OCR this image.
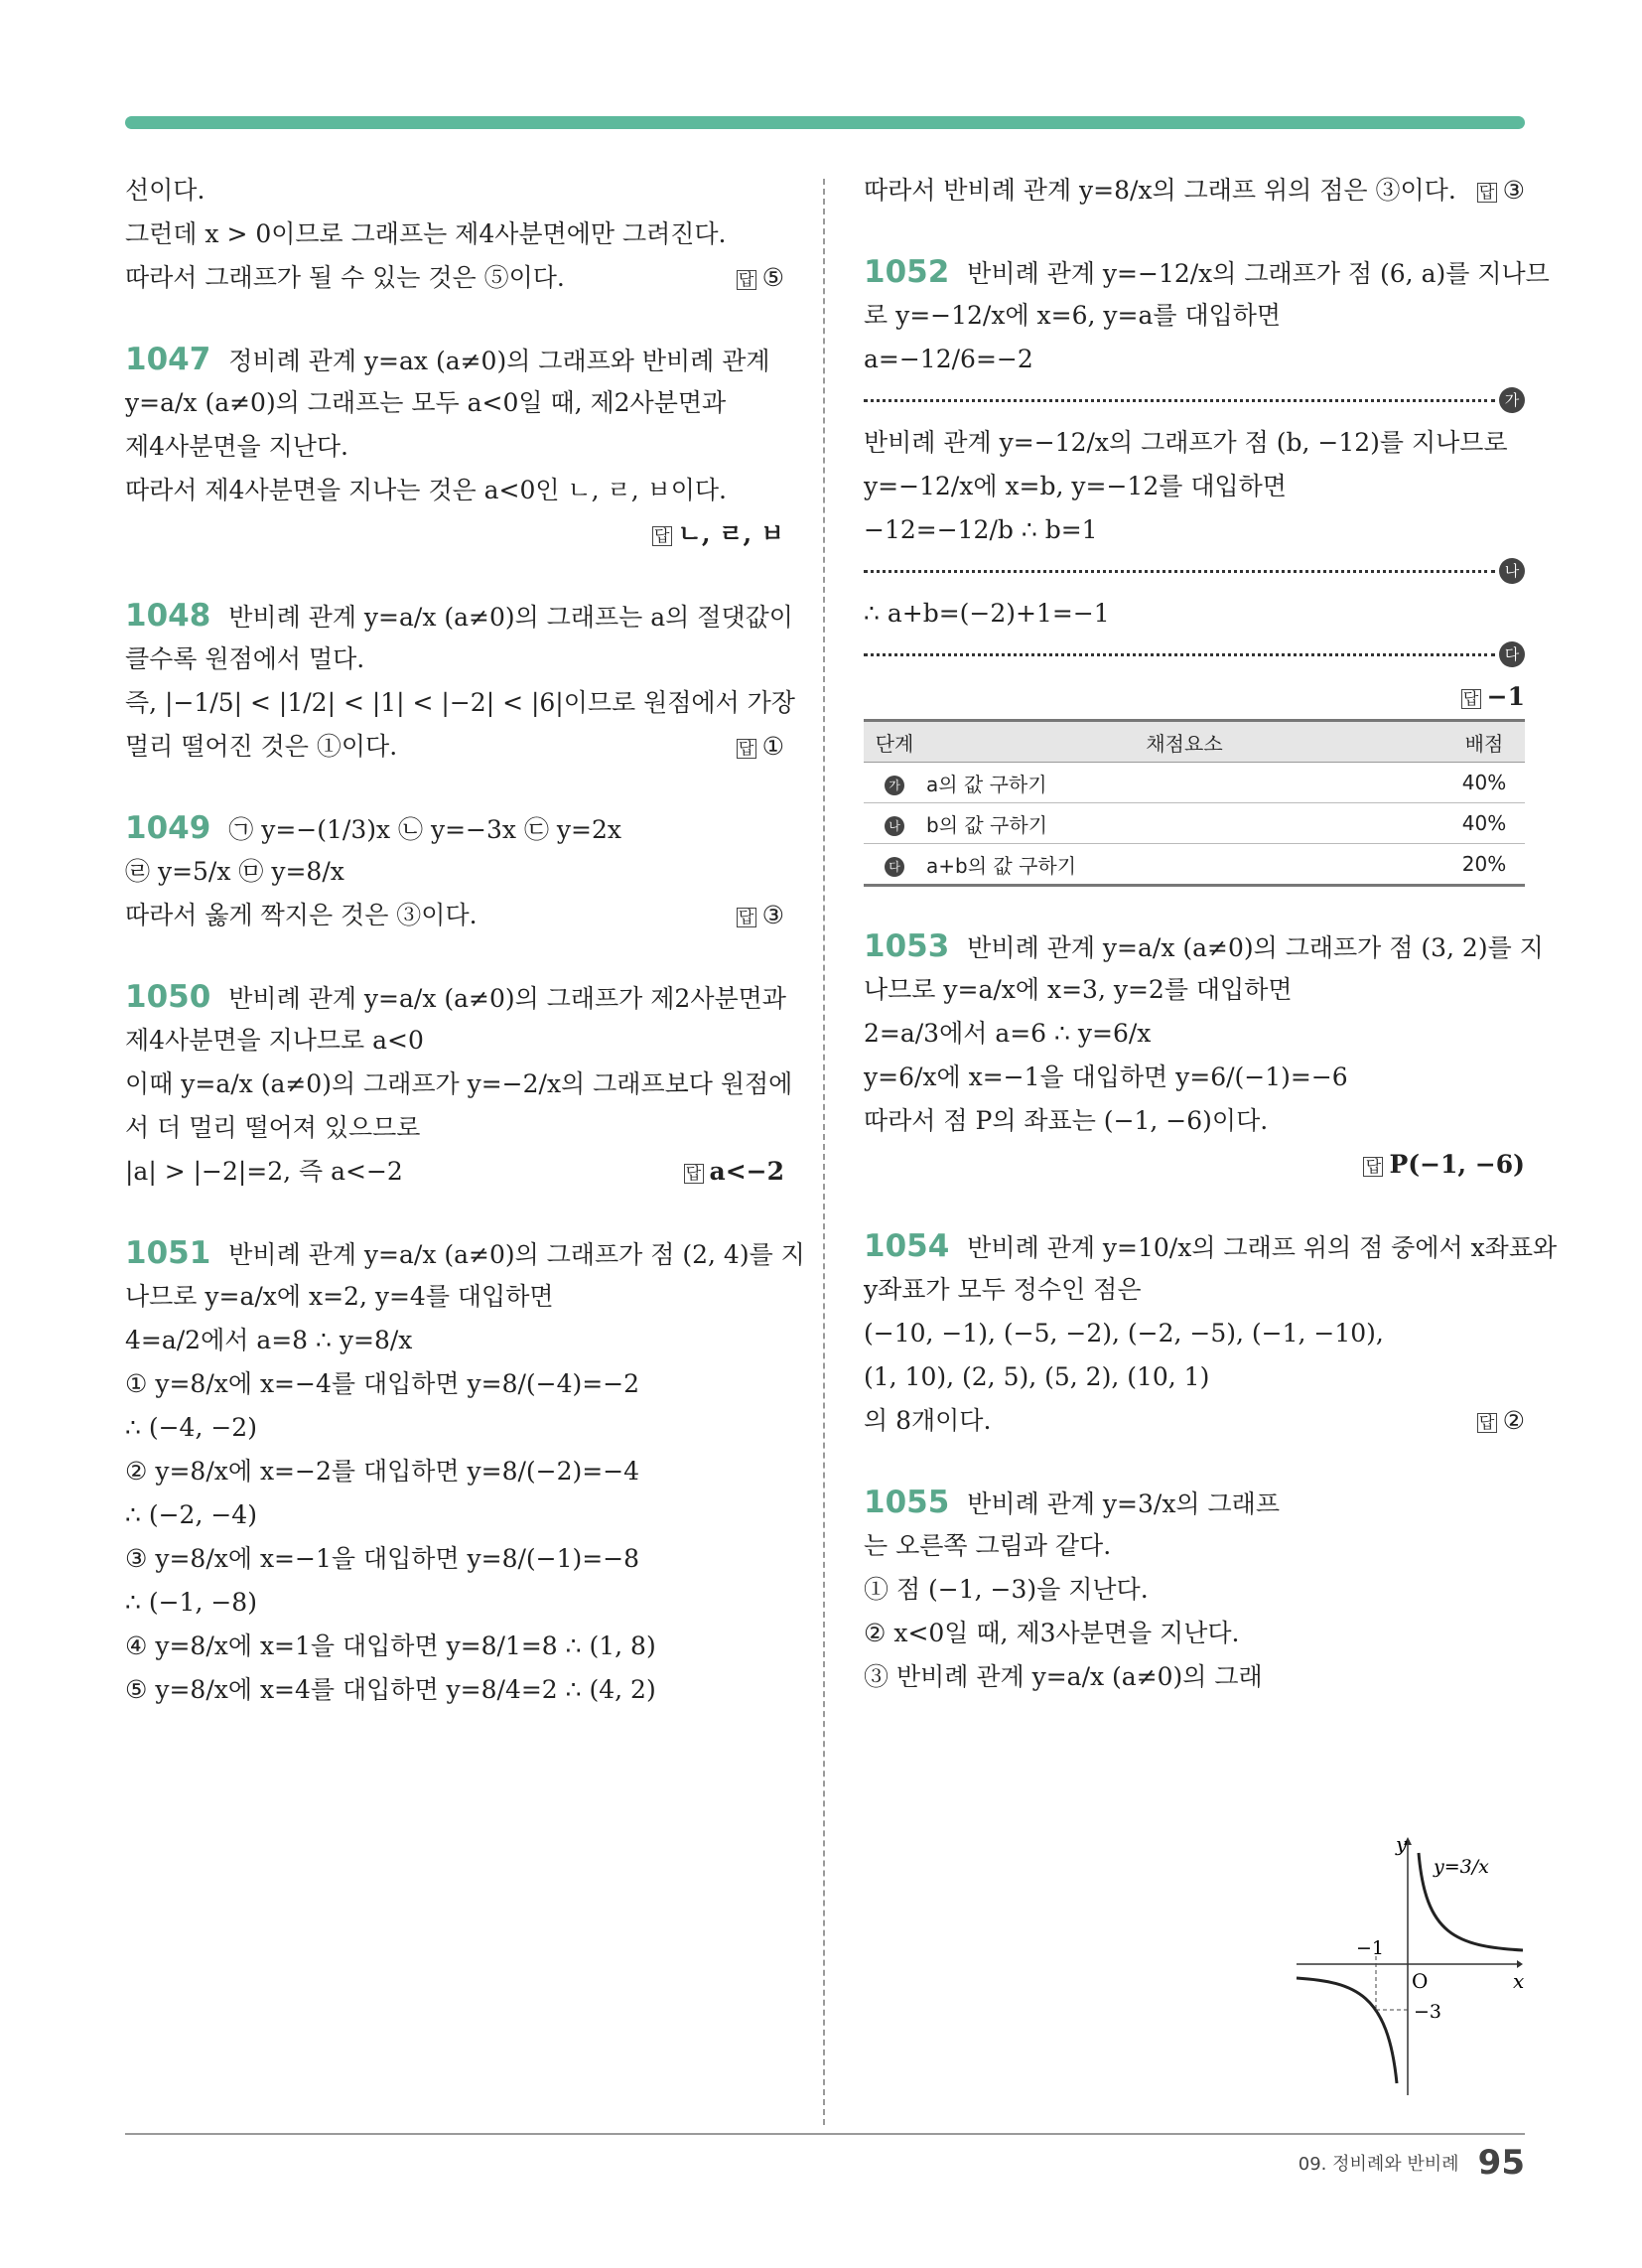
선이다.
그런데 x > 0이므로 그래프는 제4사분면에만 그려진다.
따라서 그래프가 될 수 있는 것은 ⑤이다.	답 ⑤
1047 정비례 관계 y=ax (a≠0)의 그래프와 반비례 관계
y=a/x (a≠0)의 그래프는 모두 a<0일 때, 제2사분면과
제4사분면을 지난다.
따라서 제4사분면을 지나는 것은 a<0인 ㄴ, ㄹ, ㅂ이다.
답 ㄴ, ㄹ, ㅂ
1048 반비례 관계 y=a/x (a≠0)의 그래프는 a의 절댓값이
클수록 원점에서 멀다.
즉, |−1/5| < |1/2| < |1| < |−2| < |6|이므로 원점에서 가장
멀리 떨어진 것은 ①이다.	답 ①
1049 ㉠ y=−(1/3)x ㉡ y=−3x ㉢ y=2x
㉣ y=5/x ㉤ y=8/x
따라서 옳게 짝지은 것은 ③이다.	답 ③
1050 반비례 관계 y=a/x (a≠0)의 그래프가 제2사분면과
제4사분면을 지나므로 a<0
이때 y=a/x (a≠0)의 그래프가 y=−2/x의 그래프보다 원점에
서 더 멀리 떨어져 있으므로
|a| > |−2|=2, 즉 a<−2	답 a<−2
1051 반비례 관계 y=a/x (a≠0)의 그래프가 점 (2, 4)를 지
나므로 y=a/x에 x=2, y=4를 대입하면
4=a/2에서 a=8 ∴ y=8/x
① y=8/x에 x=−4를 대입하면 y=8/(−4)=−2
∴ (−4, −2)
② y=8/x에 x=−2를 대입하면 y=8/(−2)=−4
∴ (−2, −4)
③ y=8/x에 x=−1을 대입하면 y=8/(−1)=−8
∴ (−1, −8)
④ y=8/x에 x=1을 대입하면 y=8/1=8 ∴ (1, 8)
⑤ y=8/x에 x=4를 대입하면 y=8/4=2 ∴ (4, 2)
따라서 반비례 관계 y=8/x의 그래프 위의 점은 ③이다. 답 ③
1052 반비례 관계 y=−12/x의 그래프가 점 (6, a)를 지나므
로 y=−12/x에 x=6, y=a를 대입하면
a=−12/6=−2
가
반비례 관계 y=−12/x의 그래프가 점 (b, −12)를 지나므로
y=−12/x에 x=b, y=−12를 대입하면
−12=−12/b ∴ b=1
나
∴ a+b=(−2)+1=−1
다
답 −1
단계	채점요소	배점
가	a의 값 구하기	40%
나	b의 값 구하기	40%
다	a+b의 값 구하기	20%
1053 반비례 관계 y=a/x (a≠0)의 그래프가 점 (3, 2)를 지
나므로 y=a/x에 x=3, y=2를 대입하면
2=a/3에서 a=6 ∴ y=6/x
y=6/x에 x=−1을 대입하면 y=6/(−1)=−6
따라서 점 P의 좌표는 (−1, −6)이다.
답 P(−1, −6)
1054 반비례 관계 y=10/x의 그래프 위의 점 중에서 x좌표와
y좌표가 모두 정수인 점은
(−10, −1), (−5, −2), (−2, −5), (−1, −10),
(1, 10), (2, 5), (5, 2), (10, 1)
의 8개이다.	답 ②
1055 반비례 관계 y=3/x의 그래프
는 오른쪽 그림과 같다.
① 점 (−1, −3)을 지난다.
② x<0일 때, 제3사분면을 지난다.
③ 반비례 관계 y=a/x (a≠0)의 그래
y
x
O
−1
−3
y=3/x
09. 정비례와 반비례 95
